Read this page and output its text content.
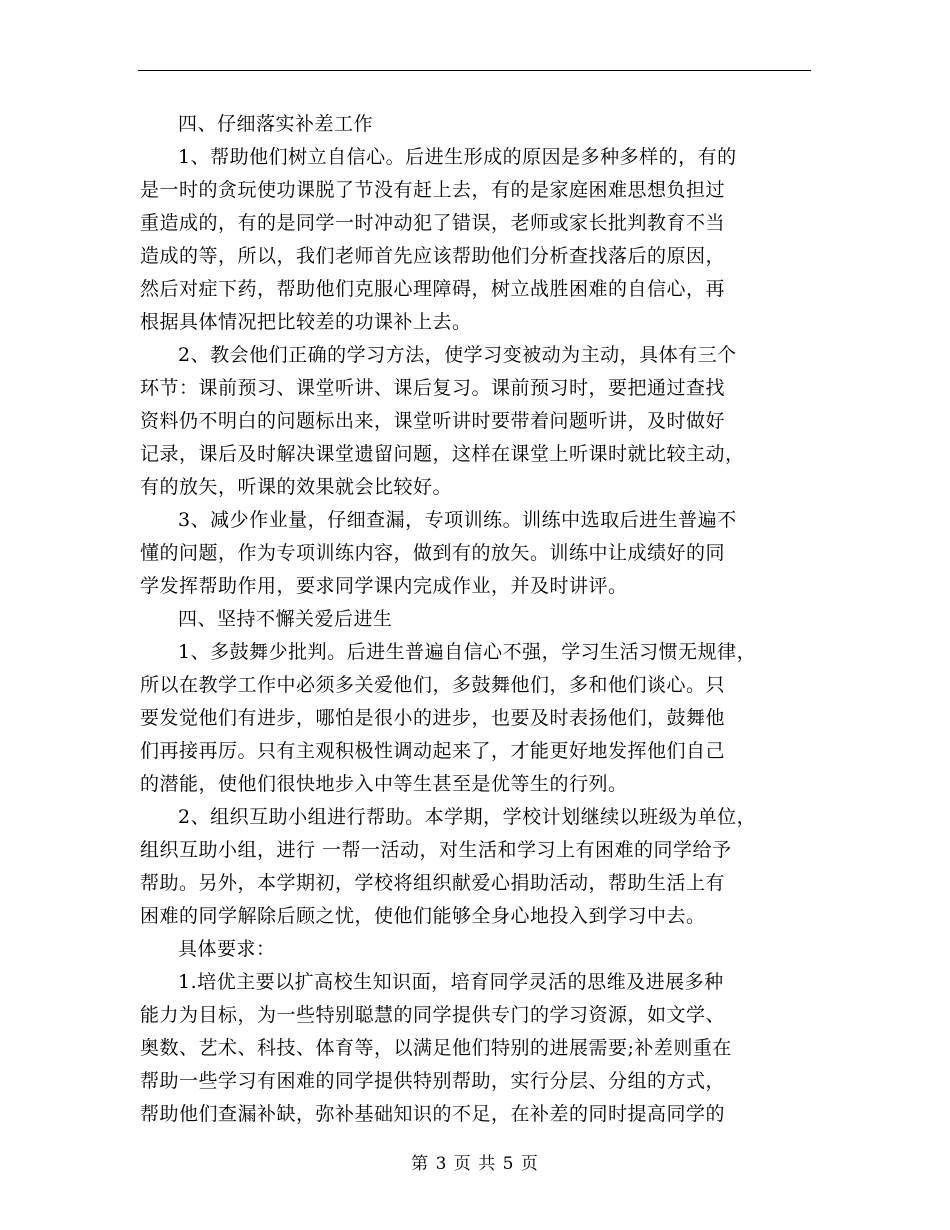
四、仔细落实补差工作
1、帮助他们树立自信心。后进生形成的原因是多种多样的，有的
是一时的贪玩使功课脱了节没有赶上去，有的是家庭困难思想负担过
重造成的，有的是同学一时冲动犯了错误，老师或家长批判教育不当
造成的等，所以，我们老师首先应该帮助他们分析查找落后的原因，
然后对症下药，帮助他们克服心理障碍，树立战胜困难的自信心，再
根据具体情况把比较差的功课补上去。
2、教会他们正确的学习方法，使学习变被动为主动，具体有三个
环节：课前预习、课堂听讲、课后复习。课前预习时，要把通过查找
资料仍不明白的问题标出来，课堂听讲时要带着问题听讲，及时做好
记录，课后及时解决课堂遗留问题，这样在课堂上听课时就比较主动，
有的放矢，听课的效果就会比较好。
3、减少作业量，仔细查漏，专项训练。训练中选取后进生普遍不
懂的问题，作为专项训练内容，做到有的放矢。训练中让成绩好的同
学发挥帮助作用，要求同学课内完成作业，并及时讲评。
四、坚持不懈关爱后进生
1、多鼓舞少批判。后进生普遍自信心不强，学习生活习惯无规律，
所以在教学工作中必须多关爱他们，多鼓舞他们，多和他们谈心。只
要发觉他们有进步，哪怕是很小的进步，也要及时表扬他们，鼓舞他
们再接再厉。只有主观积极性调动起来了，才能更好地发挥他们自己
的潜能，使他们很快地步入中等生甚至是优等生的行列。
2、组织互助小组进行帮助。本学期，学校计划继续以班级为单位，
组织互助小组，进行 一帮一活动，对生活和学习上有困难的同学给予
帮助。另外，本学期初，学校将组织献爱心捐助活动，帮助生活上有
困难的同学解除后顾之忧，使他们能够全身心地投入到学习中去。
具体要求：
1.培优主要以扩高校生知识面，培育同学灵活的思维及进展多种
能力为目标，为一些特别聪慧的同学提供专门的学习资源，如文学、
奥数、艺术、科技、体育等，以满足他们特别的进展需要;补差则重在
帮助一些学习有困难的同学提供特别帮助，实行分层、分组的方式，
帮助他们查漏补缺，弥补基础知识的不足，在补差的同时提高同学的
第 3 页 共 5 页
